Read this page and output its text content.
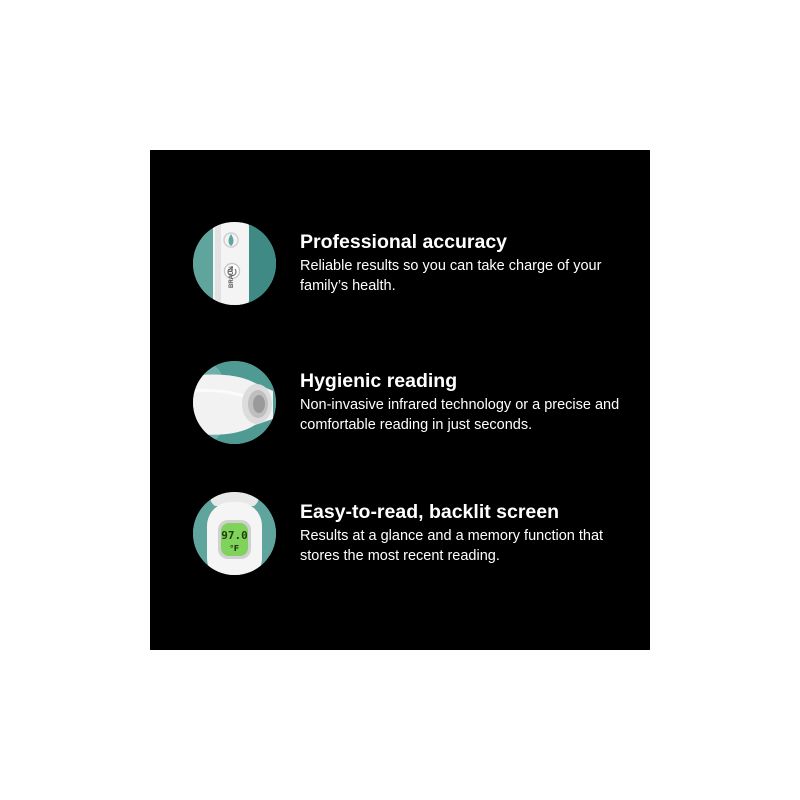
BRAUN

Professional accuracy

Reliable results so you can take charge of your family’s health.

Hygienic reading

Non-invasive infrared technology or a precise and comfortable reading in just seconds.

97.0
°F

Easy-to-read, backlit screen

Results at a glance and a memory function that stores the most recent reading.
